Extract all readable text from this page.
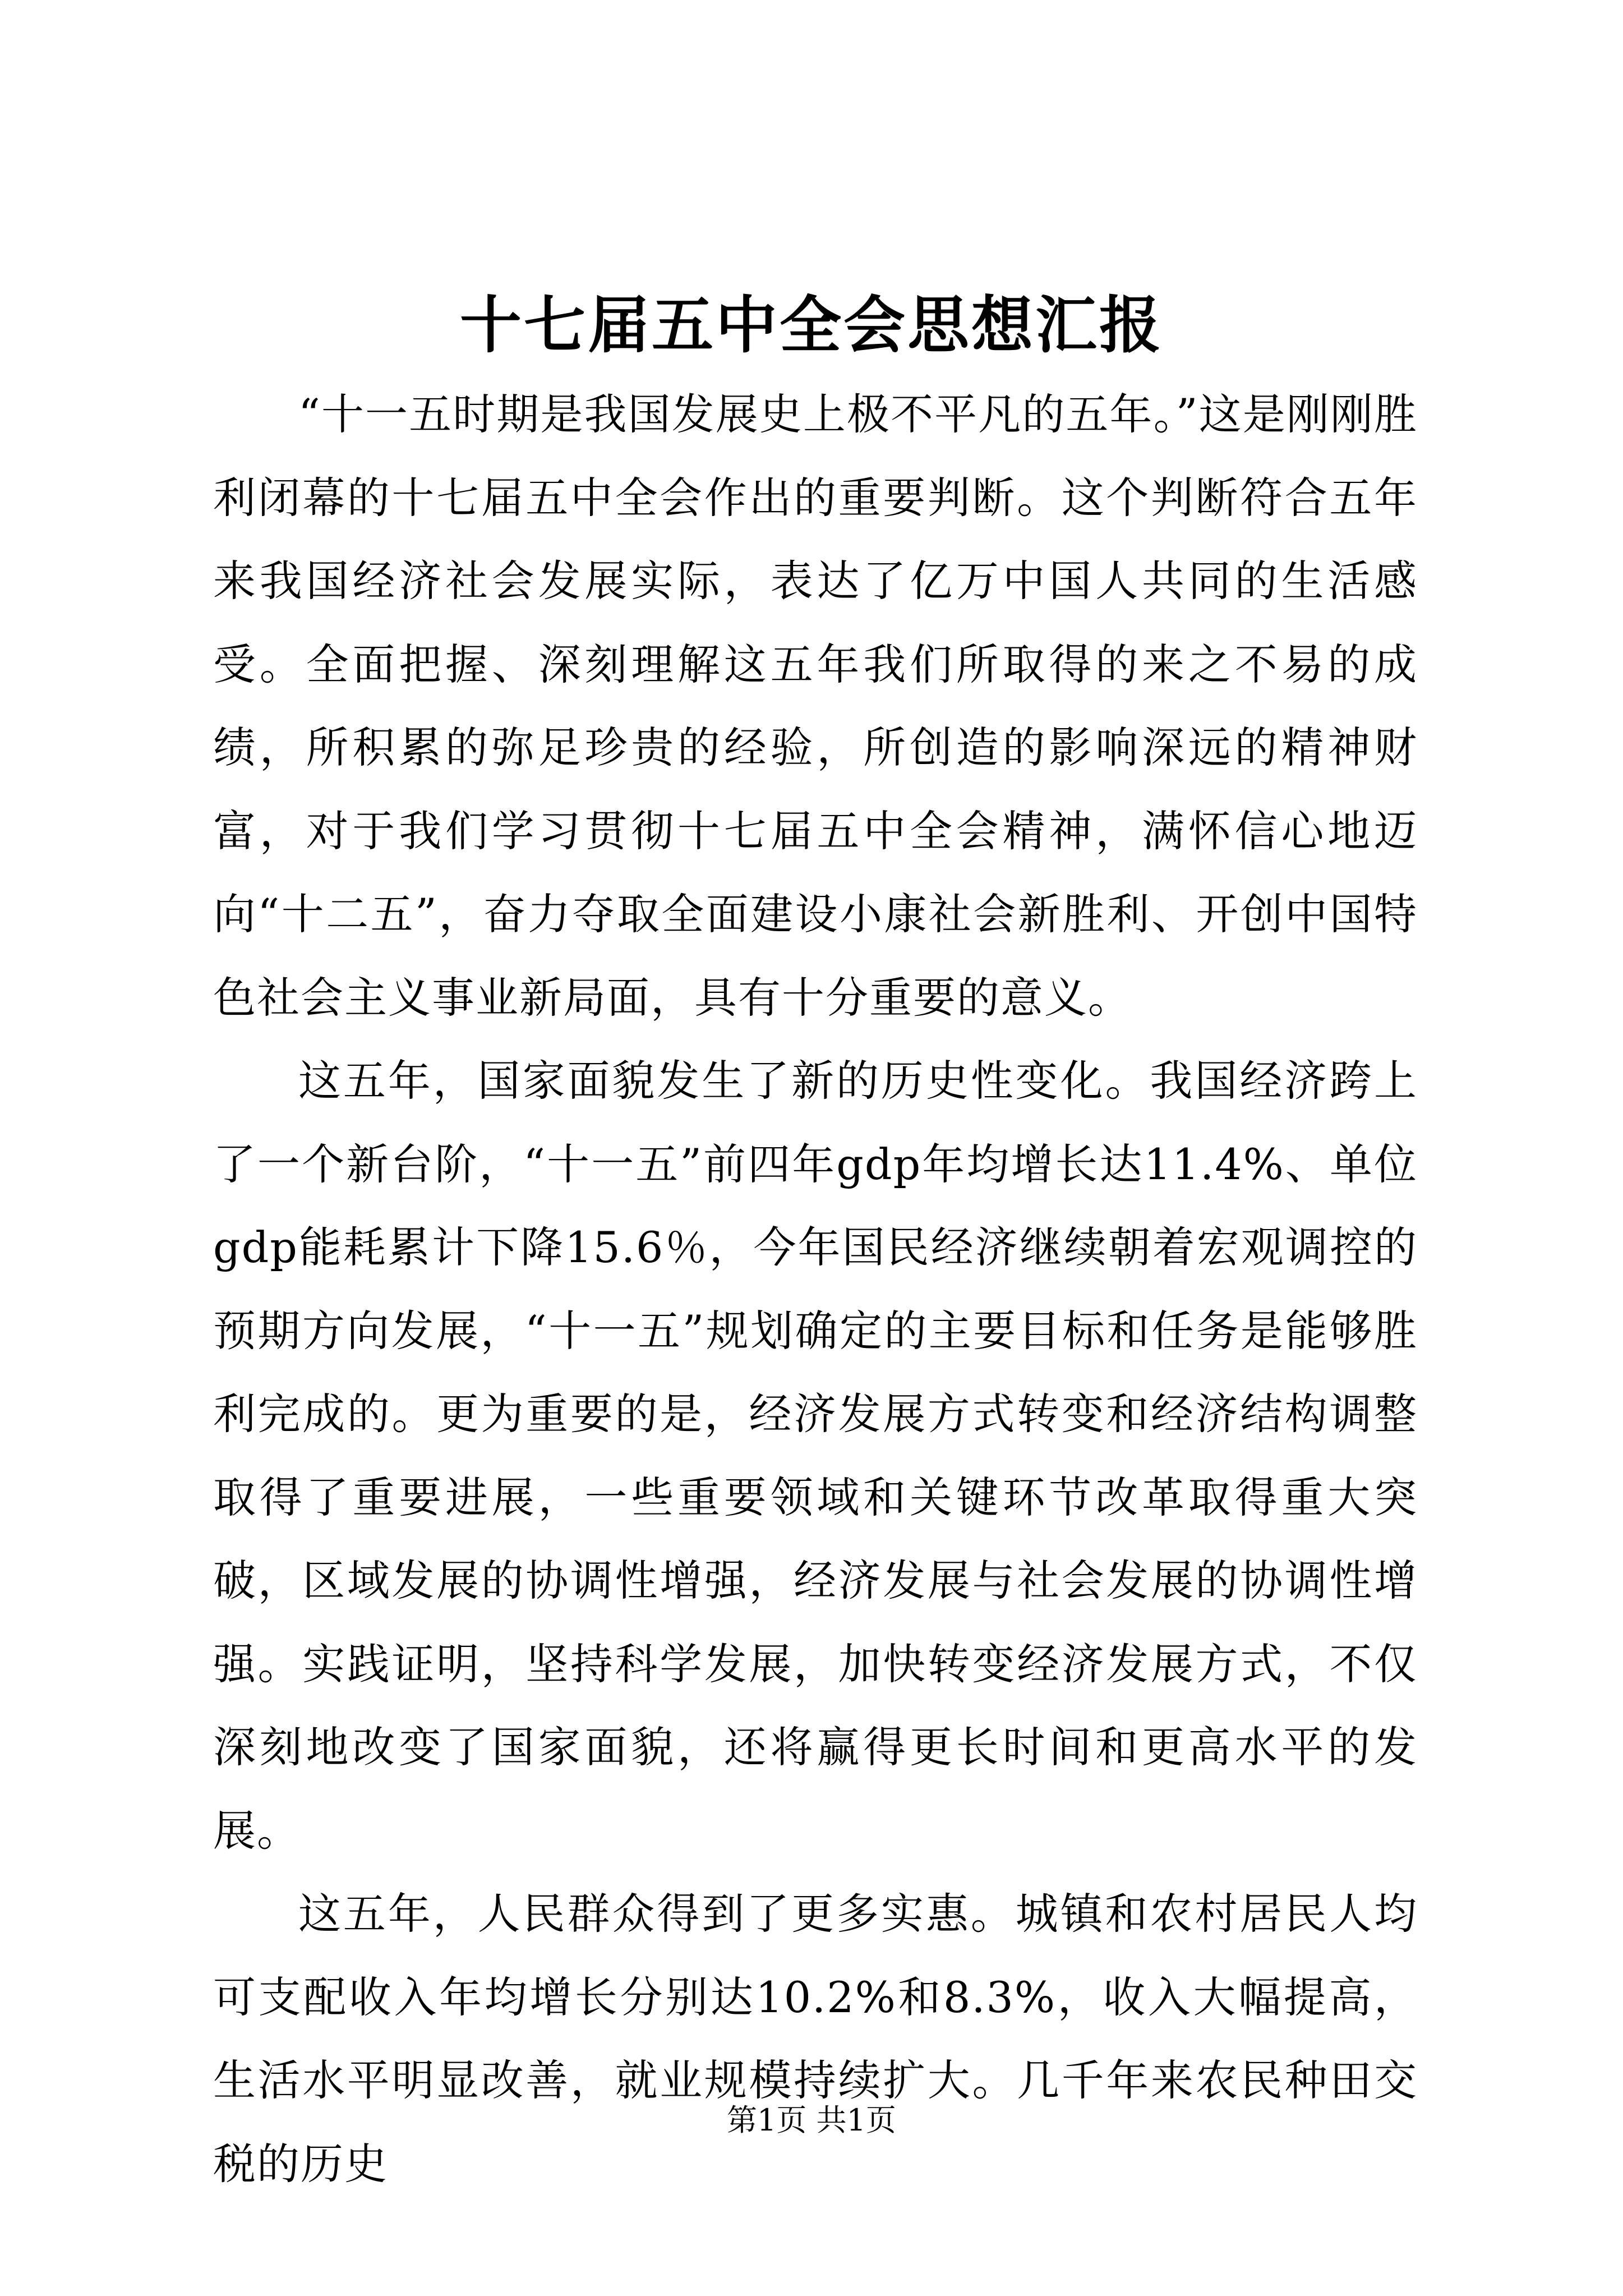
十七届五中全会思想汇报

“十一五时期是我国发展史上极不平凡的五年。”这是刚刚胜利闭幕的十七届五中全会作出的重要判断。这个判断符合五年来我国经济社会发展实际，表达了亿万中国人共同的生活感受。全面把握、深刻理解这五年我们所取得的来之不易的成绩，所积累的弥足珍贵的经验，所创造的影响深远的精神财富，对于我们学习贯彻十七届五中全会精神，满怀信心地迈向“十二五”，奋力夺取全面建设小康社会新胜利、开创中国特色社会主义事业新局面，具有十分重要的意义。

这五年，国家面貌发生了新的历史性变化。我国经济跨上了一个新台阶，“十一五”前四年gdp年均增长达11.4%、单位gdp能耗累计下降15.6％，今年国民经济继续朝着宏观调控的预期方向发展，“十一五”规划确定的主要目标和任务是能够胜利完成的。更为重要的是，经济发展方式转变和经济结构调整取得了重要进展，一些重要领域和关键环节改革取得重大突破，区域发展的协调性增强，经济发展与社会发展的协调性增强。实践证明，坚持科学发展，加快转变经济发展方式，不仅深刻地改变了国家面貌，还将赢得更长时间和更高水平的发展。

这五年，人民群众得到了更多实惠。城镇和农村居民人均可支配收入年均增长分别达10.2%和8.3%，收入大幅提高，生活水平明显改善，就业规模持续扩大。几千年来农民种田交税的历史

第1页 共1页
